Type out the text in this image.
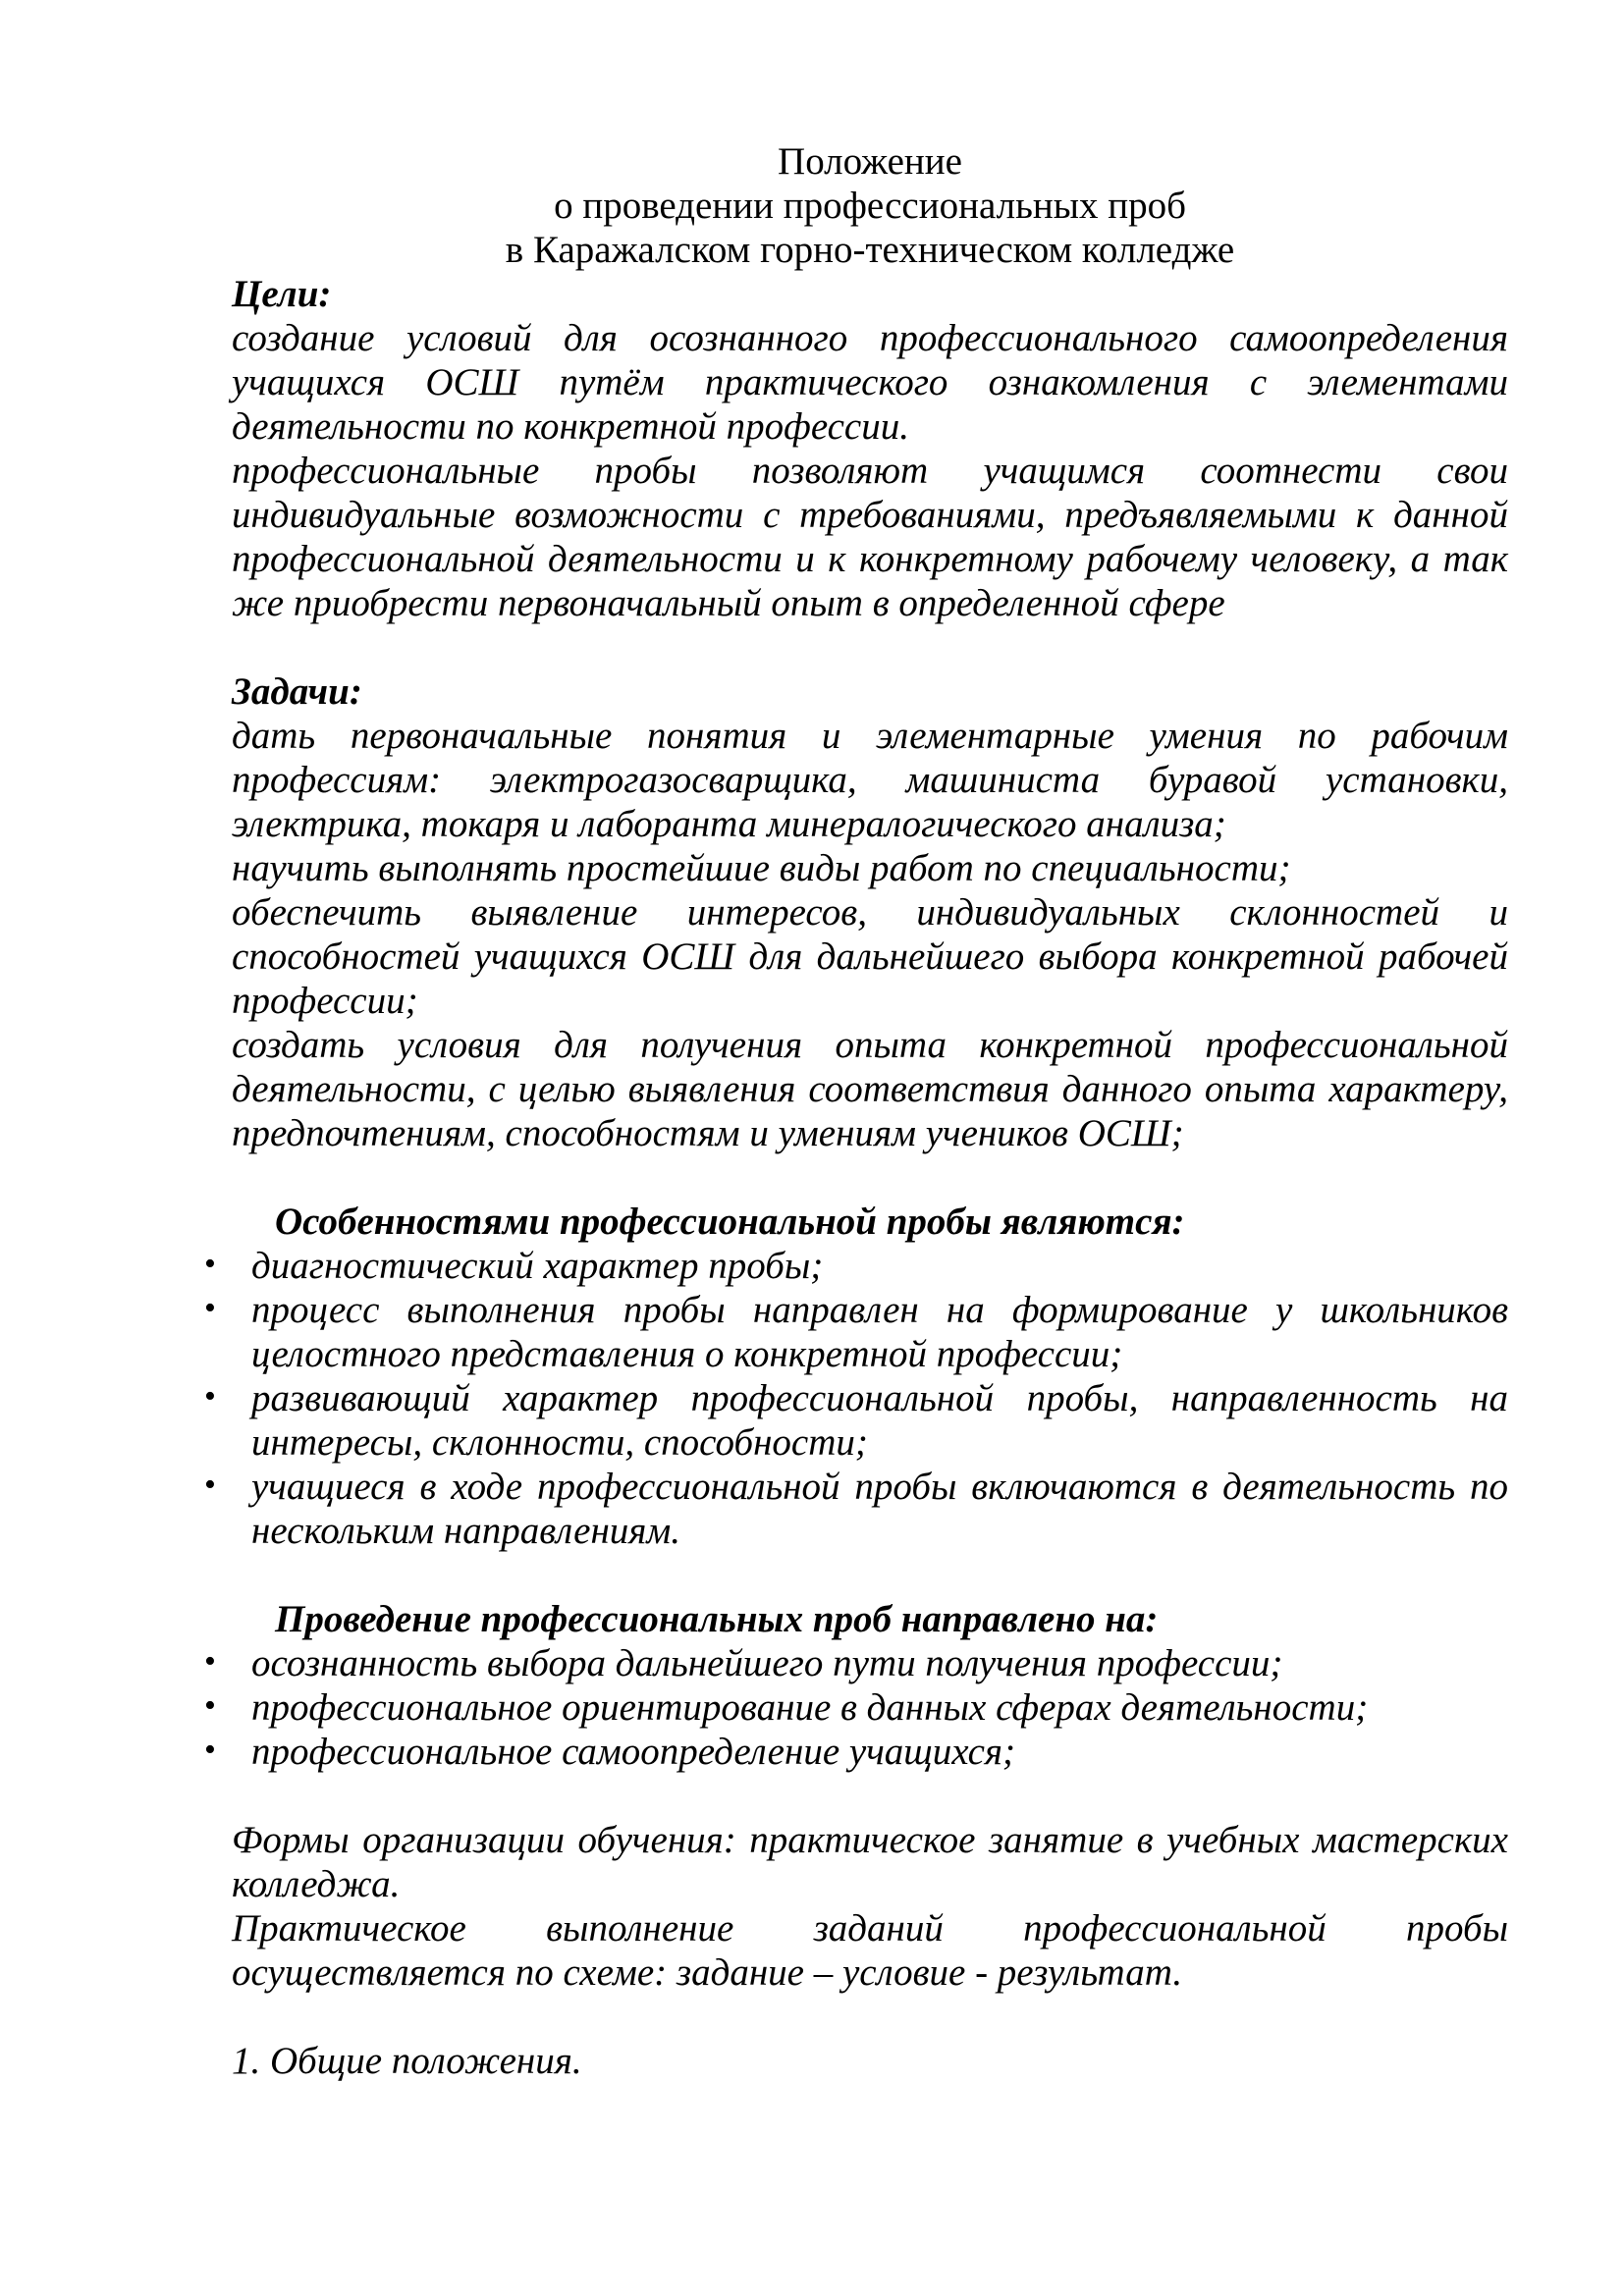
Положение
о проведении профессиональных проб
в Каражалском горно-техническом колледже

Цели:

создание условий для осознанного профессионального самоопределения учащихся ОСШ путём практического ознакомления с элементами деятельности по конкретной профессии.

профессиональные пробы позволяют учащимся соотнести свои индивидуальные возможности с требованиями, предъявляемыми к данной профессиональной деятельности и к конкретному рабочему человеку, а так же приобрести первоначальный опыт в определенной сфере

Задачи:

дать первоначальные понятия и элементарные умения по рабочим профессиям: электрогазосварщика, машиниста буравой установки, электрика, токаря и лаборанта минералогического анализа;

научить выполнять простейшие виды работ по специальности;

обеспечить выявление интересов, индивидуальных склонностей и способностей учащихся ОСШ для дальнейшего выбора конкретной рабочей профессии;

создать условия для получения опыта конкретной профессиональной деятельности, с целью выявления соответствия данного опыта характеру, предпочтениям, способностям и умениям учеников ОСШ;

Особенностями профессиональной пробы являются:

• диагностический характер пробы;
• процесс выполнения пробы направлен на формирование у школьников целостного представления о конкретной профессии;
• развивающий характер профессиональной пробы, направленность на интересы, склонности, способности;
• учащиеся в ходе профессиональной пробы включаются в деятельность по нескольким направлениям.

Проведение профессиональных проб направлено на:

• осознанность выбора дальнейшего пути получения профессии;
• профессиональное ориентирование в данных сферах деятельности;
• профессиональное самоопределение учащихся;

Формы организации обучения: практическое занятие в учебных мастерских колледжа.

Практическое выполнение заданий профессиональной пробы осуществляется по схеме: задание – условие - результат.

1. Общие положения.
